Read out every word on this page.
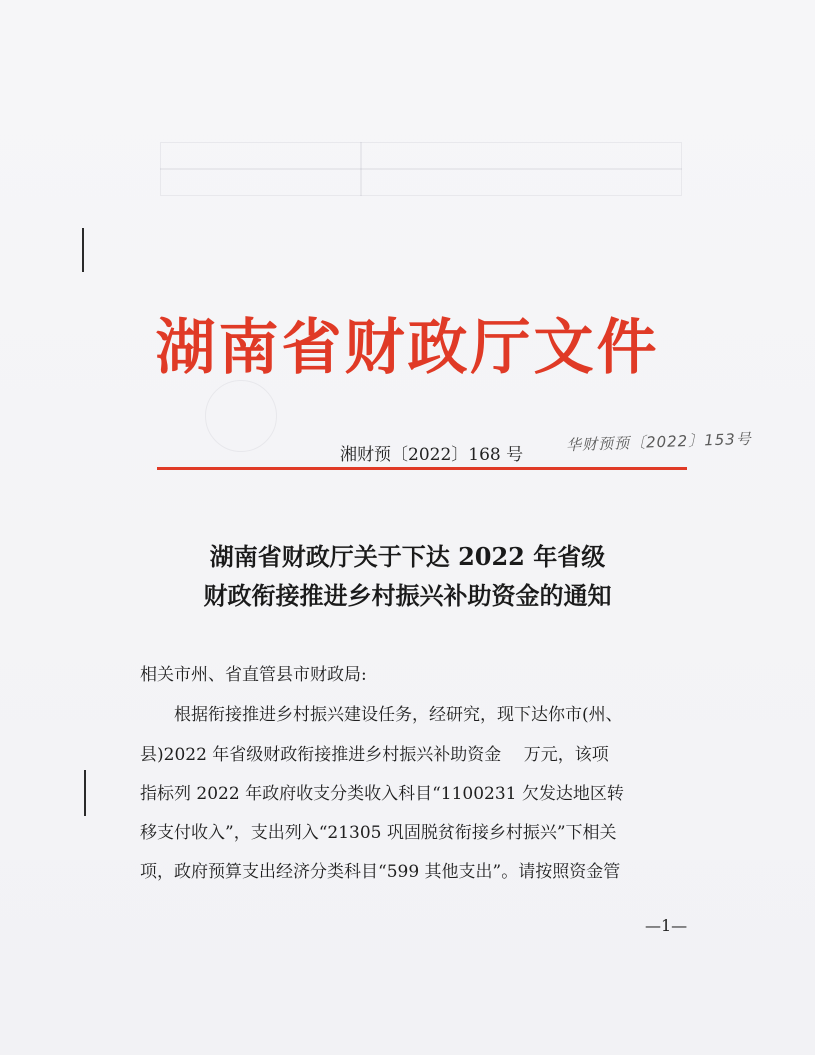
湖南省财政厅文件
湘财预〔2022〕168 号
华财预预〔2022〕153号
湖南省财政厅关于下达 2022 年省级
财政衔接推进乡村振兴补助资金的通知

相关市州、省直管县市财政局:

根据衔接推进乡村振兴建设任务，经研究，现下达你市(州、

县)2022 年省级财政衔接推进乡村振兴补助资金　 万元，该项

指标列 2022 年政府收支分类收入科目“1100231 欠发达地区转

移支付收入”，支出列入“21305 巩固脱贫衔接乡村振兴”下相关

项，政府预算支出经济分类科目“599 其他支出”。请按照资金管

—1—
